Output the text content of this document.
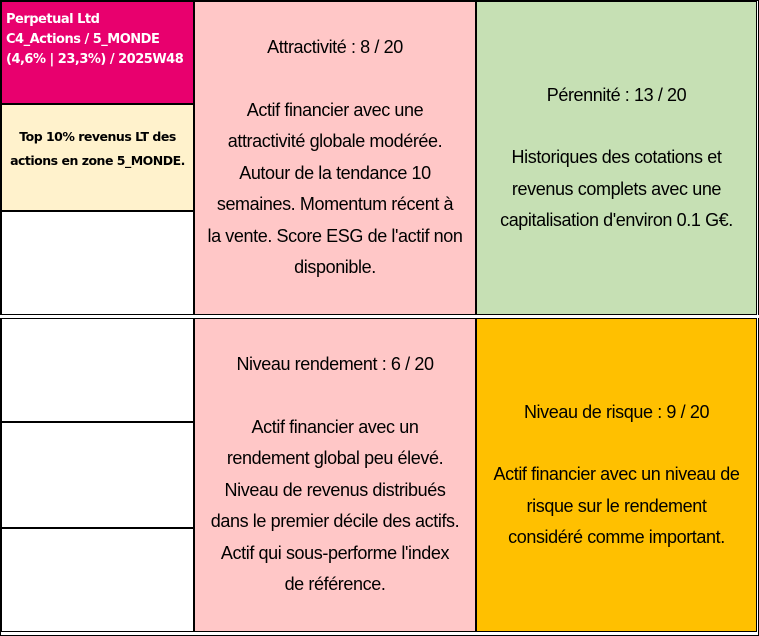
Perpetual Ltd
C4_Actions / 5_MONDE
(4,6% | 23,3%) / 2025W48
Top 10% revenus LT des
actions en zone 5_MONDE.
Attractivité : 8 / 20
Actif financier avec une
attractivité globale modérée.
Autour de la tendance 10
semaines. Momentum récent à
la vente. Score ESG de l'actif non
disponible.
Pérennité : 13 / 20
Historiques des cotations et
revenus complets avec une
capitalisation d'environ 0.1 G€.
Niveau rendement : 6 / 20
Actif financier avec un
rendement global peu élevé.
Niveau de revenus distribués
dans le premier décile des actifs.
Actif qui sous-performe l'index
de référence.
Niveau de risque : 9 / 20
Actif financier avec un niveau de
risque sur le rendement
considéré comme important.
